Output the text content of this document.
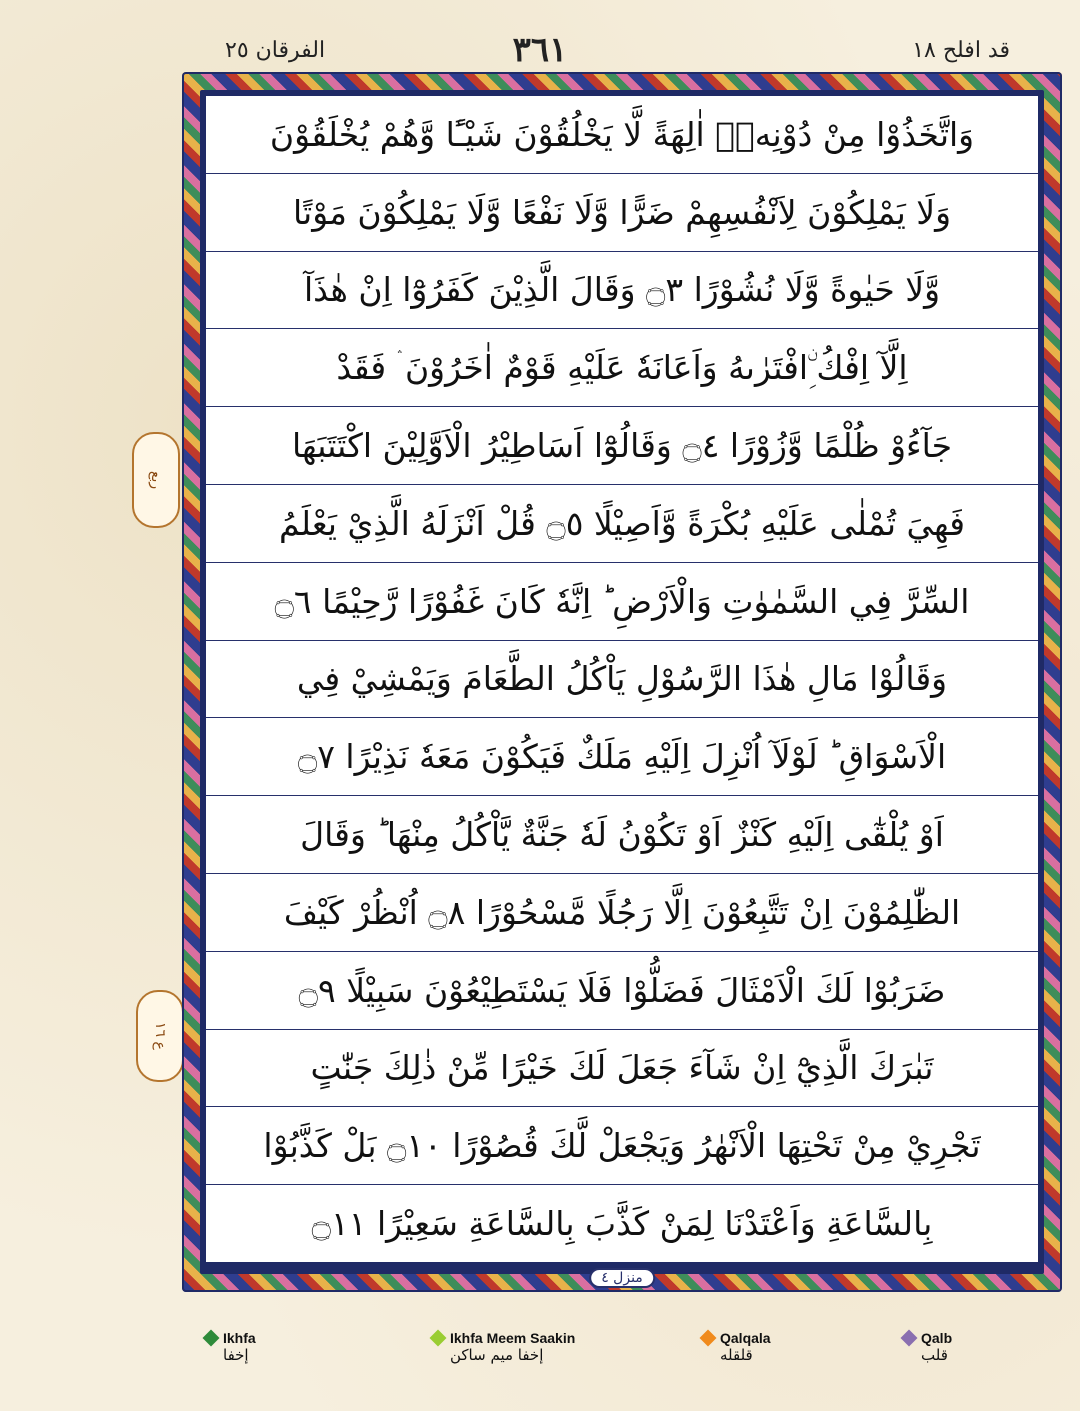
قد افلح ١٨
٣٦١
الفرقان ٢٥
ربع
ع ١٦
وَاتَّخَذُوْا مِنْ دُوْنِهٖۤ اٰلِهَةً لَّا يَخْلُقُوْنَ شَيْـًٔا وَّهُمْ يُخْلَقُوْنَ
وَلَا يَمْلِكُوْنَ لِاَنْفُسِهِمْ ضَرًّا وَّلَا نَفْعًا وَّلَا يَمْلِكُوْنَ مَوْتًا
وَّلَا حَيٰوةً وَّلَا نُشُوْرًا ۝٣ وَقَالَ الَّذِيْنَ كَفَرُوْٓا اِنْ هٰذَآ
اِلَّآ اِفْكُ ِۨافْتَرٰىهُ وَاَعَانَهٗ عَلَيْهِ قَوْمٌ اٰخَرُوْنَ ۛ فَقَدْ
جَآءُوْ ظُلْمًا وَّزُوْرًا ۝٤ وَقَالُوْٓا اَسَاطِيْرُ الْاَوَّلِيْنَ اكْتَتَبَهَا
فَهِيَ تُمْلٰى عَلَيْهِ بُكْرَةً وَّاَصِيْلًا ۝٥ قُلْ اَنْزَلَهُ الَّذِيْ يَعْلَمُ
السِّرَّ فِي السَّمٰوٰتِ وَالْاَرْضِ ؕ اِنَّهٗ كَانَ غَفُوْرًا رَّحِيْمًا ۝٦
وَقَالُوْا مَالِ هٰذَا الرَّسُوْلِ يَاْكُلُ الطَّعَامَ وَيَمْشِيْ فِي
الْاَسْوَاقِ ؕ لَوْلَآ اُنْزِلَ اِلَيْهِ مَلَكٌ فَيَكُوْنَ مَعَهٗ نَذِيْرًا ۝٧
اَوْ يُلْقٰٓى اِلَيْهِ كَنْزٌ اَوْ تَكُوْنُ لَهٗ جَنَّةٌ يَّاْكُلُ مِنْهَا ؕ وَقَالَ
الظّٰلِمُوْنَ اِنْ تَتَّبِعُوْنَ اِلَّا رَجُلًا مَّسْحُوْرًا ۝٨ اُنْظُرْ كَيْفَ
ضَرَبُوْا لَكَ الْاَمْثَالَ فَضَلُّوْا فَلَا يَسْتَطِيْعُوْنَ سَبِيْلًا ۝٩
تَبٰرَكَ الَّذِيْٓ اِنْ شَآءَ جَعَلَ لَكَ خَيْرًا مِّنْ ذٰلِكَ جَنّٰتٍ
تَجْرِيْ مِنْ تَحْتِهَا الْاَنْهٰرُ وَيَجْعَلْ لَّكَ قُصُوْرًا ۝١٠ بَلْ كَذَّبُوْا
بِالسَّاعَةِ وَاَعْتَدْنَا لِمَنْ كَذَّبَ بِالسَّاعَةِ سَعِيْرًا ۝١١
منزل ٤
Ikhfa
إخفا
Ikhfa Meem Saakin
إخفا ميم ساكن
Qalqala
قلقله
Qalb
قلب
